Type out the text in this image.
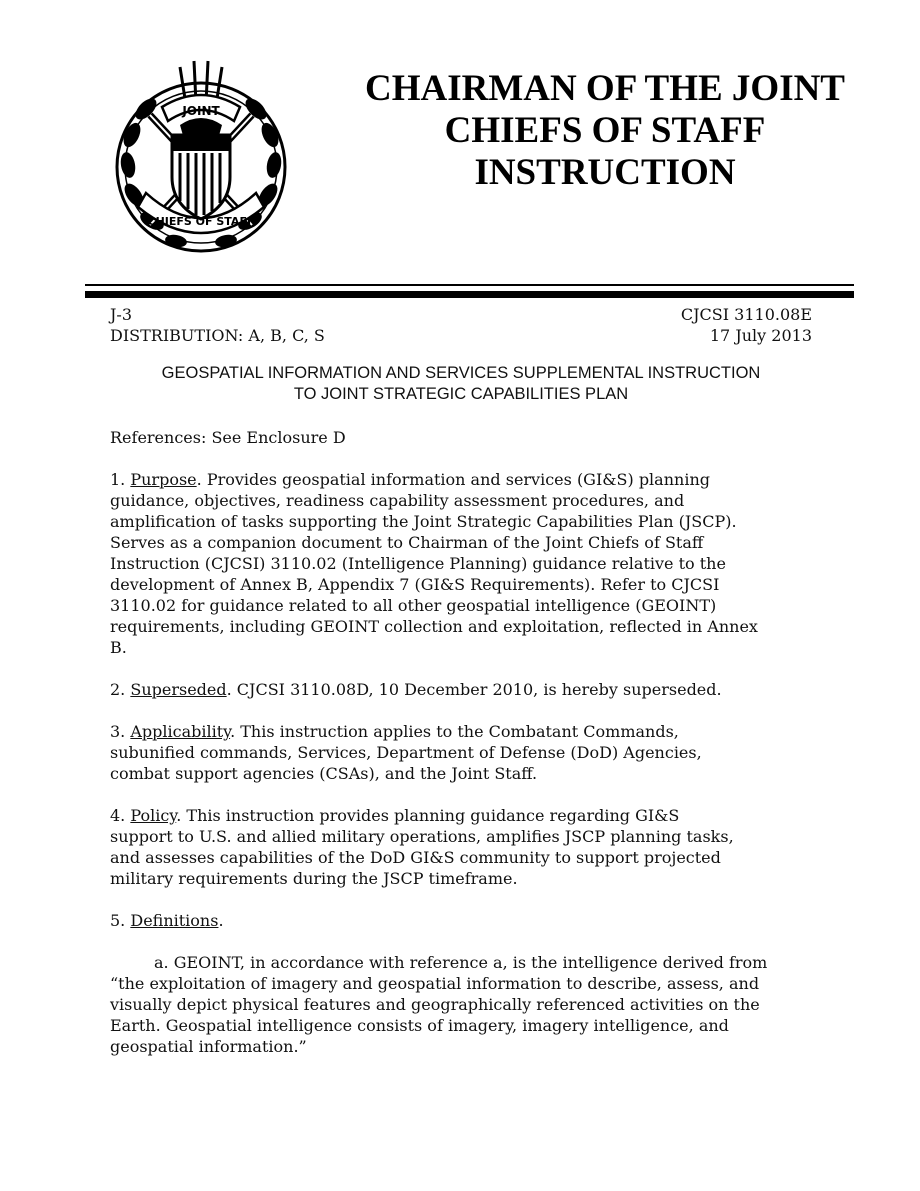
JOINT
CHIEFS OF STAFF
CHAIRMAN OF THE JOINT
CHIEFS OF STAFF
INSTRUCTION
J-3	CJCSI 3110.08E
DISTRIBUTION: A, B, C, S	17 July 2013
GEOSPATIAL INFORMATION AND SERVICES SUPPLEMENTAL INSTRUCTION
TO JOINT STRATEGIC CAPABILITIES PLAN
References: See Enclosure D
1. Purpose. Provides geospatial information and services (GI&S) planning
guidance, objectives, readiness capability assessment procedures, and
amplification of tasks supporting the Joint Strategic Capabilities Plan (JSCP).
Serves as a companion document to Chairman of the Joint Chiefs of Staff
Instruction (CJCSI) 3110.02 (Intelligence Planning) guidance relative to the
development of Annex B, Appendix 7 (GI&S Requirements). Refer to CJCSI
3110.02 for guidance related to all other geospatial intelligence (GEOINT)
requirements, including GEOINT collection and exploitation, reflected in Annex
B.
2. Superseded. CJCSI 3110.08D, 10 December 2010, is hereby superseded.
3. Applicability. This instruction applies to the Combatant Commands,
subunified commands, Services, Department of Defense (DoD) Agencies,
combat support agencies (CSAs), and the Joint Staff.
4. Policy. This instruction provides planning guidance regarding GI&S
support to U.S. and allied military operations, amplifies JSCP planning tasks,
and assesses capabilities of the DoD GI&S community to support projected
military requirements during the JSCP timeframe.
5. Definitions.
a. GEOINT, in accordance with reference a, is the intelligence derived from
“the exploitation of imagery and geospatial information to describe, assess, and
visually depict physical features and geographically referenced activities on the
Earth. Geospatial intelligence consists of imagery, imagery intelligence, and
geospatial information.”
